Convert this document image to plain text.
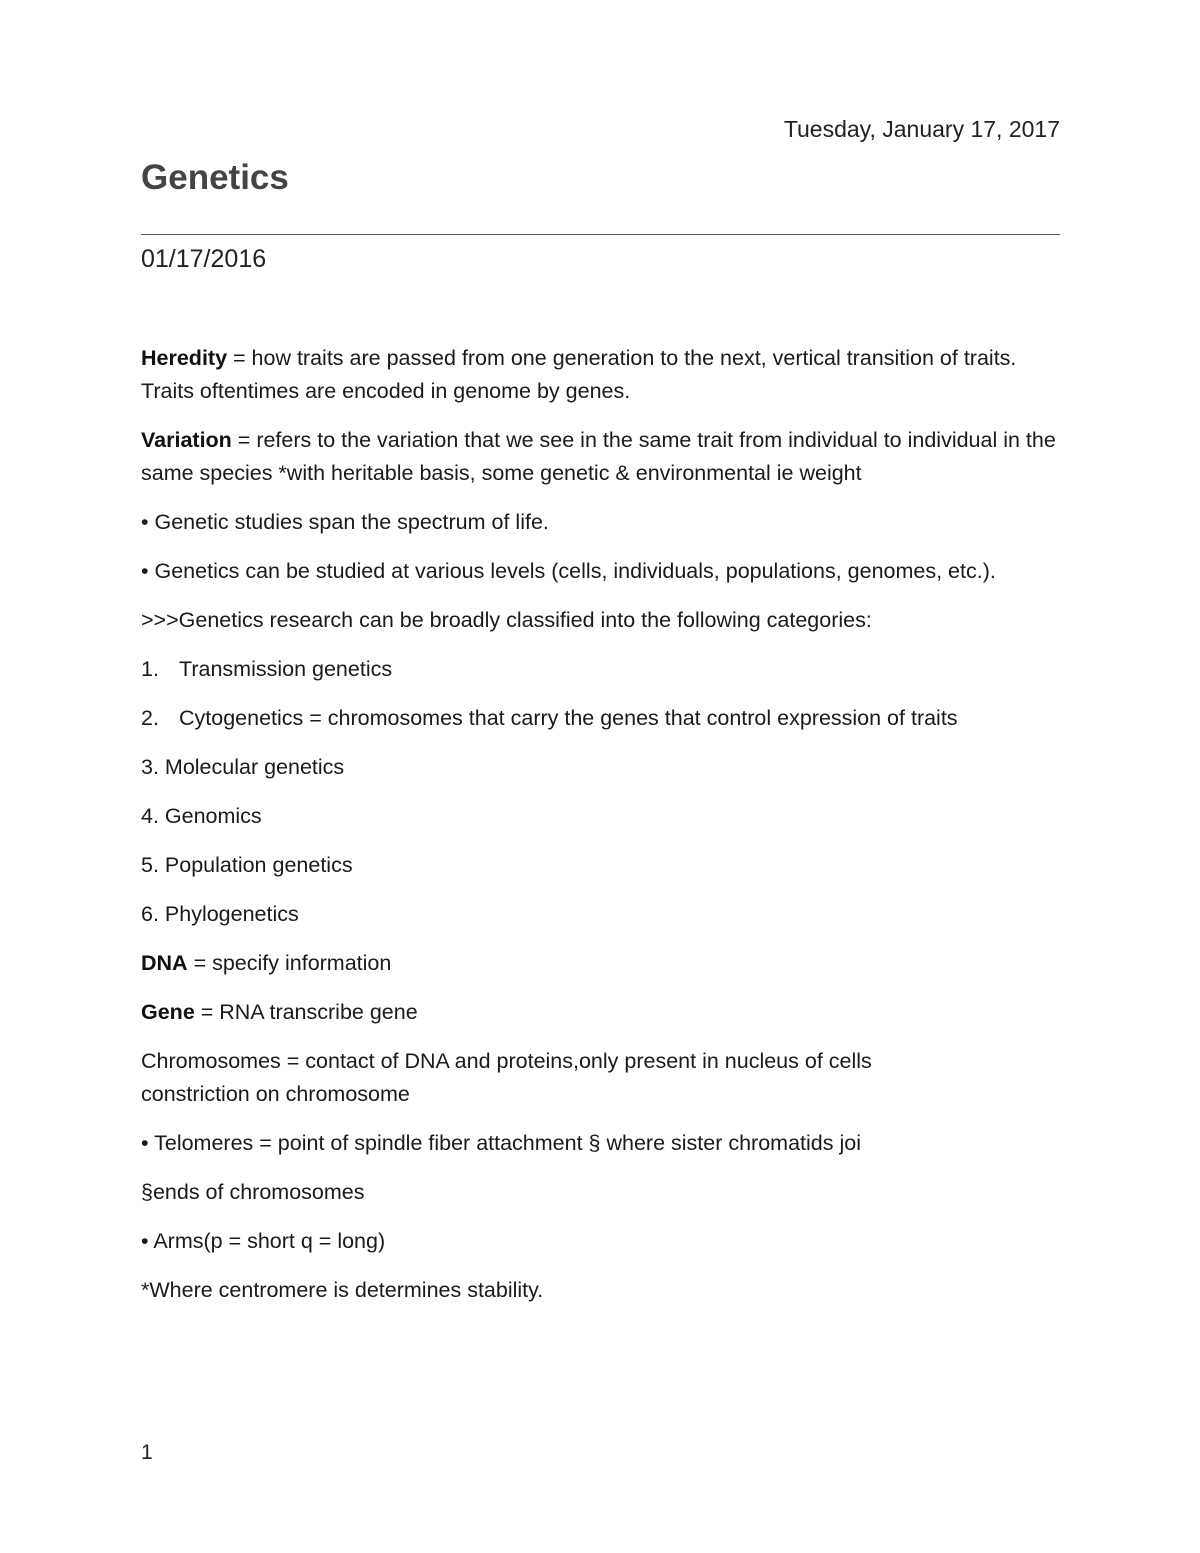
Tuesday, January 17, 2017
Genetics
01/17/2016

Heredity = how traits are passed from one generation to the next, vertical transition of traits. Traits oftentimes are encoded in genome by genes.

Variation = refers to the variation that we see in the same trait from individual to individual in the same species *with heritable basis, some genetic & environmental ie weight

• Genetic studies span the spectrum of life.

• Genetics can be studied at various levels (cells, individuals, populations, genomes, etc.).

>>>Genetics research can be broadly classified into the following categories:

1. Transmission genetics

2. Cytogenetics = chromosomes that carry the genes that control expression of traits

3. Molecular genetics

4. Genomics

5. Population genetics

6. Phylogenetics

DNA = specify information

Gene = RNA transcribe gene

Chromosomes = contact of DNA and proteins,only present in nucleus of cells
constriction on chromosome

• Telomeres = point of spindle fiber attachment § where sister chromatids joi

§ends of chromosomes

• Arms(p = short q = long)

*Where centromere is determines stability.

1
